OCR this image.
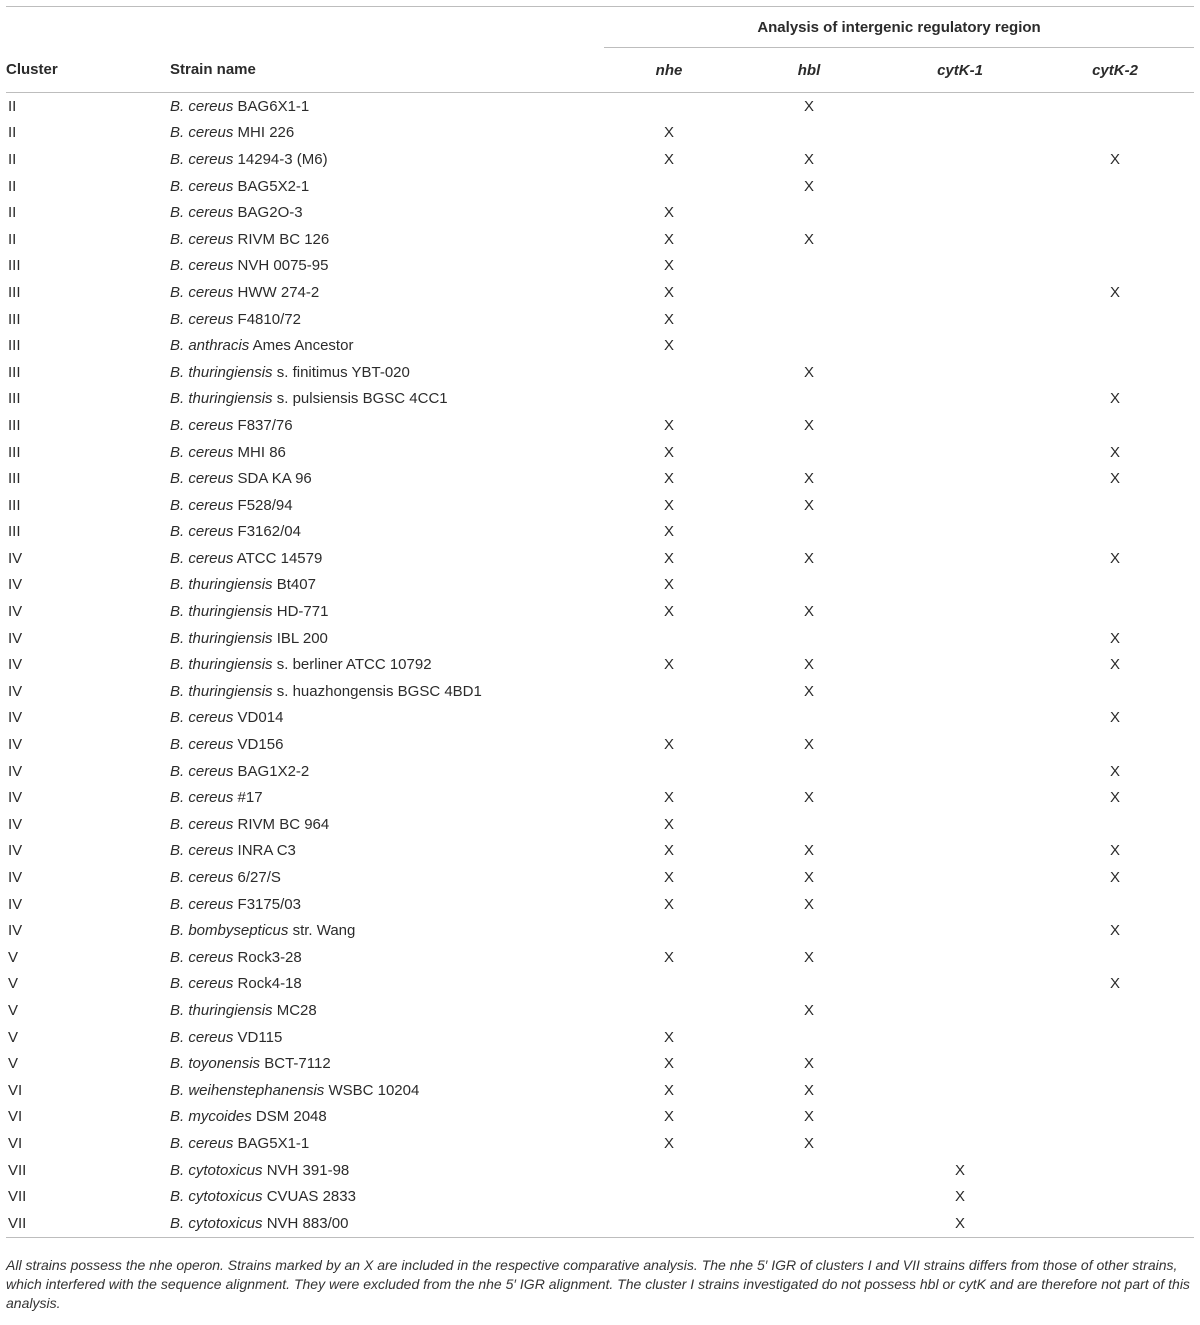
		Analysis of intergenic regulatory region			
Cluster	Strain name	nhe	hbl	cytK-1	cytK-2
II	B. cereus BAG6X1-1		X		
II	B. cereus MHI 226	X			
II	B. cereus 14294-3 (M6)	X	X		X
II	B. cereus BAG5X2-1		X		
II	B. cereus BAG2O-3	X			
II	B. cereus RIVM BC 126	X	X		
III	B. cereus NVH 0075-95	X			
III	B. cereus HWW 274-2	X			X
III	B. cereus F4810/72	X			
III	B. anthracis Ames Ancestor	X			
III	B. thuringiensis s. finitimus YBT-020		X		
III	B. thuringiensis s. pulsiensis BGSC 4CC1				X
III	B. cereus F837/76	X	X		
III	B. cereus MHI 86	X			X
III	B. cereus SDA KA 96	X	X		X
III	B. cereus F528/94	X	X		
III	B. cereus F3162/04	X			
IV	B. cereus ATCC 14579	X	X		X
IV	B. thuringiensis Bt407	X			
IV	B. thuringiensis HD-771	X	X		
IV	B. thuringiensis IBL 200				X
IV	B. thuringiensis s. berliner ATCC 10792	X	X		X
IV	B. thuringiensis s. huazhongensis BGSC 4BD1		X		
IV	B. cereus VD014				X
IV	B. cereus VD156	X	X		
IV	B. cereus BAG1X2-2				X
IV	B. cereus #17	X	X		X
IV	B. cereus RIVM BC 964	X			
IV	B. cereus INRA C3	X	X		X
IV	B. cereus 6/27/S	X	X		X
IV	B. cereus F3175/03	X	X		
IV	B. bombysepticus str. Wang				X
V	B. cereus Rock3-28	X	X		
V	B. cereus Rock4-18				X
V	B. thuringiensis MC28		X		
V	B. cereus VD115	X			
V	B. toyonensis BCT-7112	X	X		
VI	B. weihenstephanensis WSBC 10204	X	X		
VI	B. mycoides DSM 2048	X	X		
VI	B. cereus BAG5X1-1	X	X		
VII	B. cytotoxicus NVH 391-98			X	
VII	B. cytotoxicus CVUAS 2833			X	
VII	B. cytotoxicus NVH 883/00			X	
All strains possess the nhe operon. Strains marked by an X are included in the respective comparative analysis. The nhe 5′ IGR of clusters I and VII strains differs from those of other strains, which interfered with the sequence alignment. They were excluded from the nhe 5′ IGR alignment. The cluster I strains investigated do not possess hbl or cytK and are therefore not part of this analysis.
